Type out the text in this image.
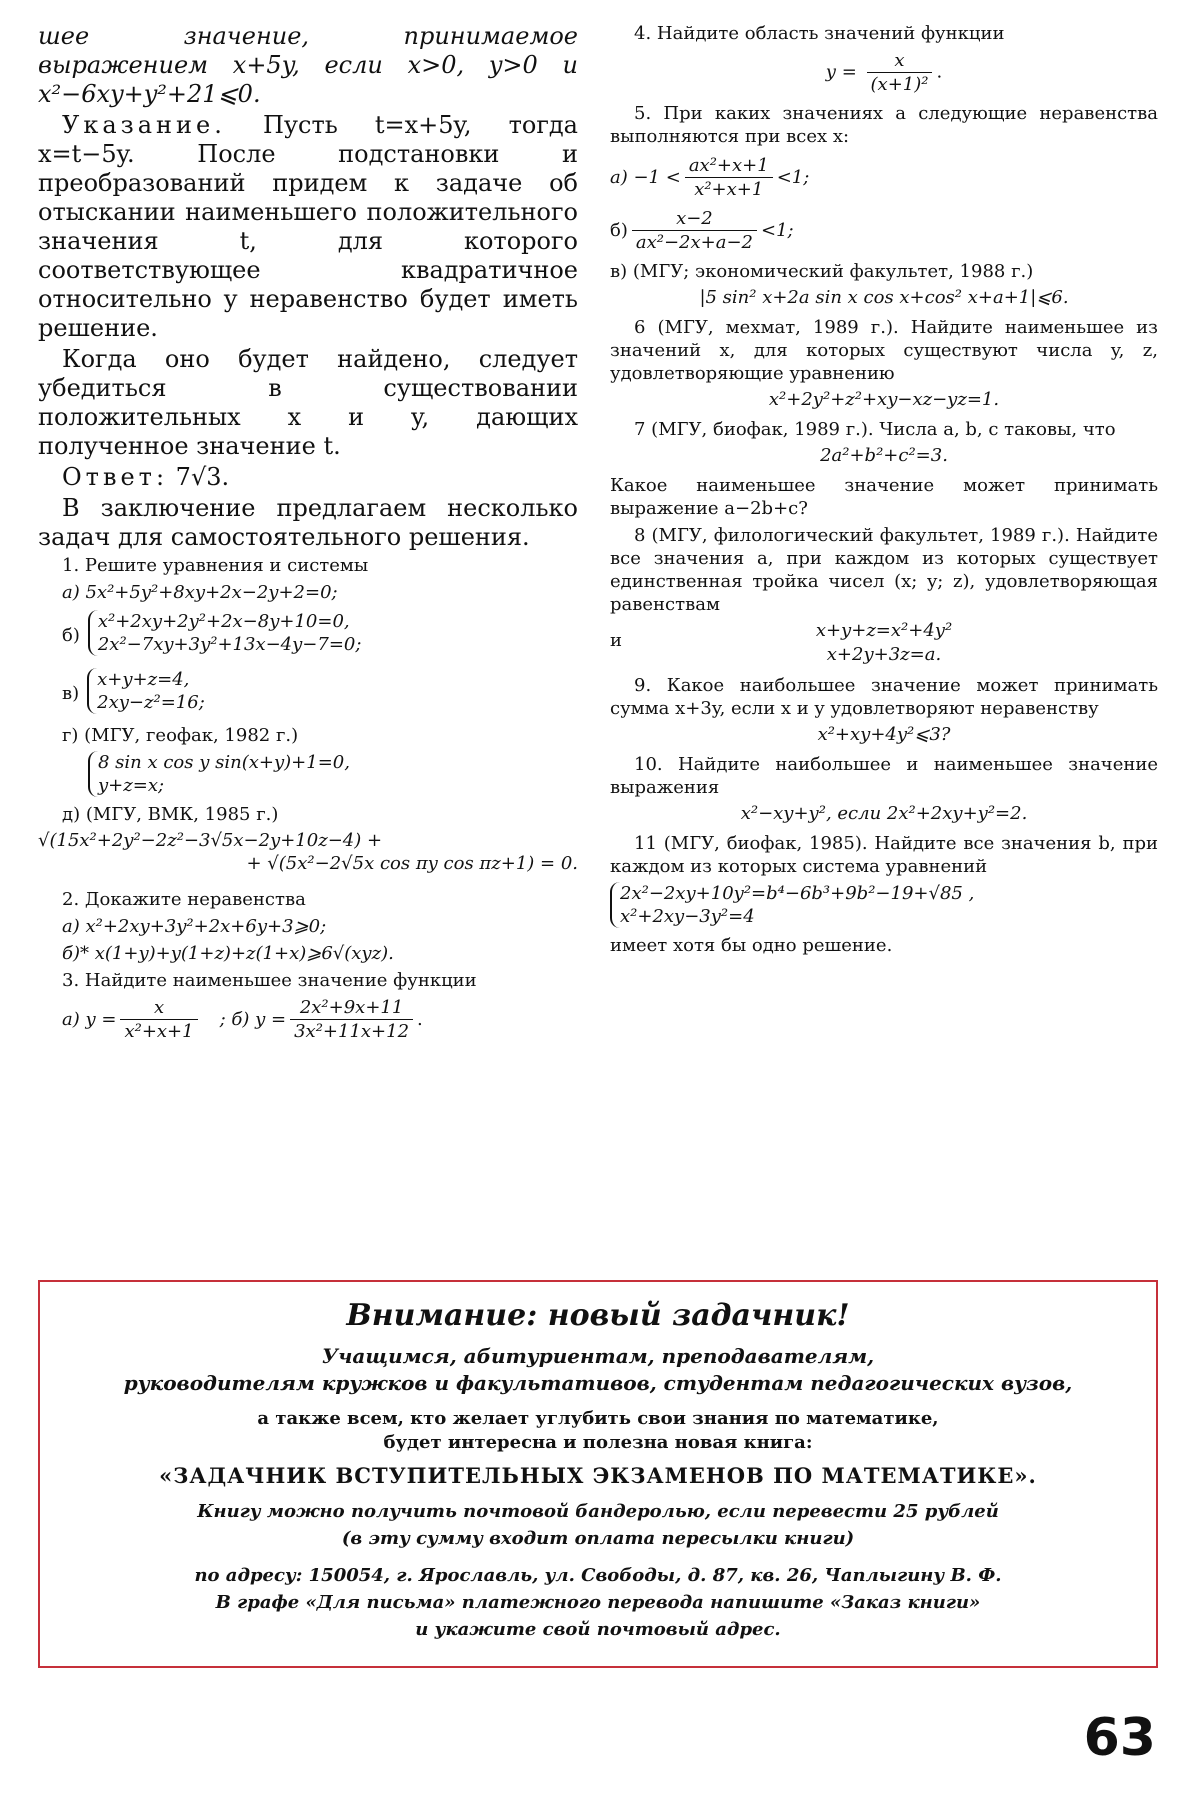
шее значение, принимаемое выражением x+5y, если x>0, y>0 и x²−6xy+y²+21⩽0.

Указание. Пусть t=x+5y, тогда x=t−5y. После подстановки и преобразований придем к задаче об отыскании наименьшего положительного значения t, для которого соответствующее квадратичное относительно y неравенство будет иметь решение.

Когда оно будет найдено, следует убедиться в существовании положительных x и y, дающих полученное значение t.

Ответ: 7√3.

В заключение предлагаем несколько задач для самостоятельного решения.

1. Решите уравнения и системы
а) 5x²+5y²+8xy+2x−2y+2=0;
б)
x²+2xy+2y²+2x−8y+10=0,
2x²−7xy+3y²+13x−4y−7=0;
в)
x+y+z=4,
2xy−z²=16;
г) (МГУ, геофак, 1982 г.)
8 sin x cos y sin(x+y)+1=0,
y+z=x;
д) (МГУ, ВМК, 1985 г.)
√(15x²+2y²−2z²−3√5x−2y+10z−4) +
+ √(5x²−2√5x cos πy cos πz+1) = 0.
2. Докажите неравенства
а) x²+2xy+3y²+2x+6y+3⩾0;
б)* x(1+y)+y(1+z)+z(1+x)⩾6√(xyz).
3. Найдите наименьшее значение функции
а) $y = \frac{x}{\text{x²+x+1}}$ ; б) $y = \frac{\text{2x²+9x+11}}{\text{3x²+11x+12}}$ .
4. Найдите область значений функции
$y = \frac{x}{\text{(x+1)²}}$ .
5. При каких значениях a следующие неравенства выполняются при всех x:
$а) -1 < \frac{\text{ax²+x+1}}{\text{x²+x+1}} <1$;
$б) \frac{x-2}{\text{ax²−2x+a−2}} <1$;
в) (МГУ; экономический факультет, 1988 г.)
|5 sin² x+2a sin x cos x+cos² x+a+1|⩽6.
6 (МГУ, мехмат, 1989 г.). Найдите наименьшее из значений x, для которых существуют числа y, z, удовлетворяющие уравнению
x²+2y²+z²+xy−xz−yz=1.
7 (МГУ, биофак, 1989 г.). Числа a, b, c таковы, что
2a²+b²+c²=3.
Какое наименьшее значение может принимать выражение a−2b+c?
8 (МГУ, филологический факультет, 1989 г.). Найдите все значения a, при каждом из которых существует единственная тройка чисел (x; y; z), удовлетворяющая равенствам
x+y+z=x²+4y²
и
x+2y+3z=a.
9. Какое наибольшее значение может принимать сумма x+3y, если x и y удовлетворяют неравенству
x²+xy+4y²⩽3?
10. Найдите наибольшее и наименьшее значение выражения
x²−xy+y², если 2x²+2xy+y²=2.
11 (МГУ, биофак, 1985). Найдите все значения b, при каждом из которых система уравнений
2x²−2xy+10y²=b⁴−6b³+9b²−19+√85 ,
x²+2xy−3y²=4
имеет хотя бы одно решение.
Внимание: новый задачник!
Учащимся, абитуриентам, преподавателям,
руководителям кружков и факультативов, студентам педагогических вузов,
а также всем, кто желает углубить свои знания по математике,
будет интересна и полезна новая книга:
«ЗАДАЧНИК ВСТУПИТЕЛЬНЫХ ЭКЗАМЕНОВ ПО МАТЕМАТИКЕ».
Книгу можно получить почтовой бандеролью, если перевести 25 рублей
(в эту сумму входит оплата пересылки книги)
по адресу: 150054, г. Ярославль, ул. Свободы, д. 87, кв. 26, Чаплыгину В. Ф.
В графе «Для письма» платежного перевода напишите «Заказ книги»
и укажите свой почтовый адрес.
63
